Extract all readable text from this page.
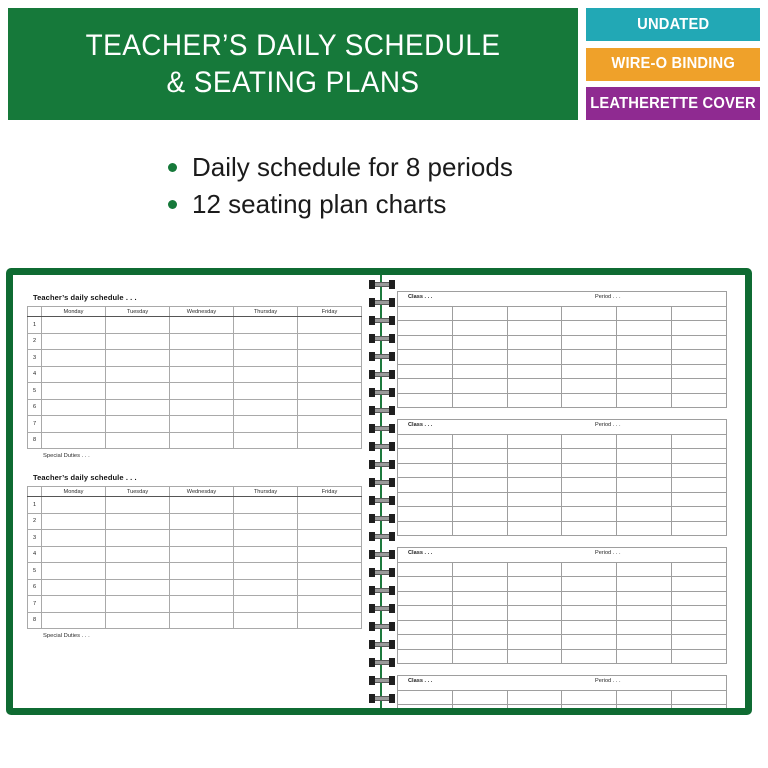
TEACHER’S DAILY SCHEDULE
& SEATING PLANS
UNDATED
WIRE-O BINDING
LEATHERETTE COVER
Daily schedule for 8 periods
12 seating plan charts
Teacher’s daily schedule . . .
	Monday	Tuesday	Wednesday	Thursday	Friday
1					
2					
3					
4					
5					
6					
7					
8					
Special Duties . . .
Teacher’s daily schedule . . .
	Monday	Tuesday	Wednesday	Thursday	Friday
1					
2					
3					
4					
5					
6					
7					
8					
Special Duties . . .
Class . . . Period . . .					

Class . . . Period . . .					

Class . . . Period . . .					

Class . . . Period . . .					
